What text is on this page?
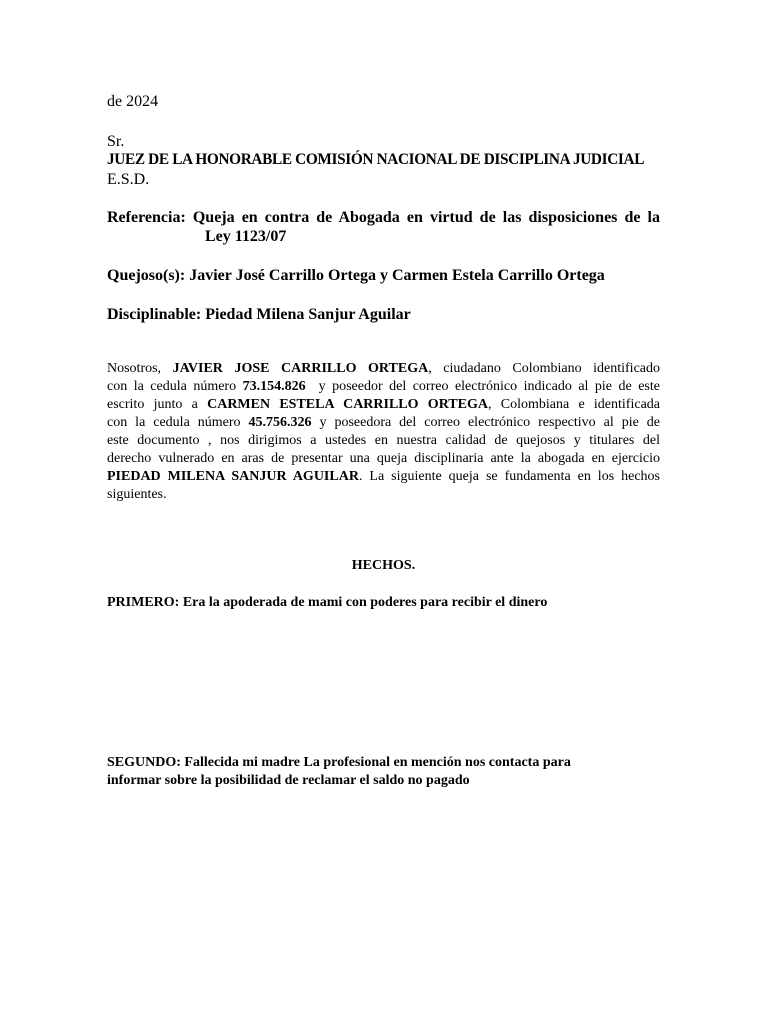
de 2024
Sr.
JUEZ DE LA HONORABLE COMISIÓN NACIONAL DE DISCIPLINA JUDICIAL
E.S.D.
Referencia: Queja en contra de Abogada en virtud de las disposiciones de la
Ley 1123/07
Quejoso(s): Javier José Carrillo Ortega y Carmen Estela Carrillo Ortega
Disciplinable: Piedad Milena Sanjur Aguilar
Nosotros, JAVIER JOSE CARRILLO ORTEGA, ciudadano Colombiano identificado
con la cedula número 73.154.826  y poseedor del correo electrónico indicado al pie de este
escrito junto a CARMEN ESTELA CARRILLO ORTEGA, Colombiana e identificada
con la cedula número 45.756.326 y poseedora del correo electrónico respectivo al pie de
este documento , nos dirigimos a ustedes en nuestra calidad de quejosos y titulares del
derecho vulnerado en aras de presentar una queja disciplinaria ante la abogada en ejercicio
PIEDAD MILENA SANJUR AGUILAR. La siguiente queja se fundamenta en los hechos
siguientes.
HECHOS.
PRIMERO: Era la apoderada de mami con poderes para recibir el dinero
SEGUNDO: Fallecida mi madre La profesional en mención nos contacta para
informar sobre la posibilidad de reclamar el saldo no pagado
